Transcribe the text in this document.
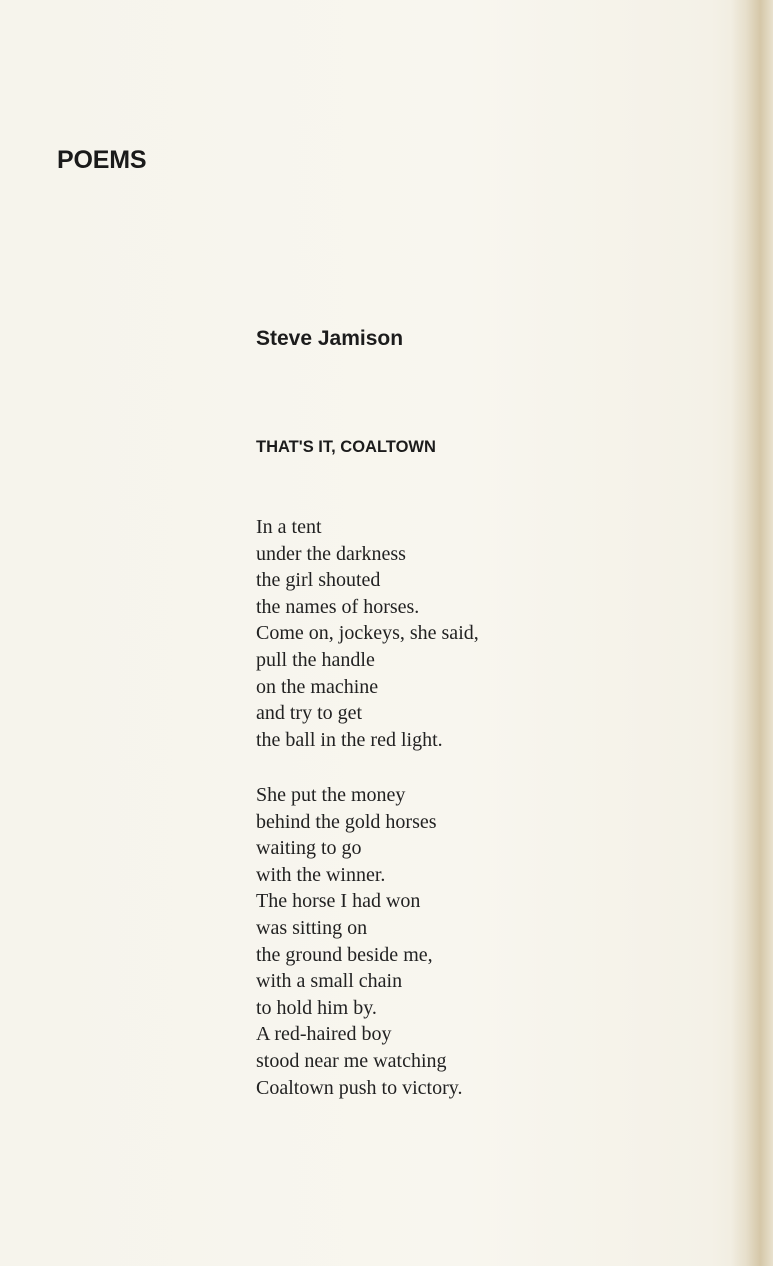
POEMS
Steve Jamison
THAT'S IT, COALTOWN
In a tent
under the darkness
the girl shouted
the names of horses.
Come on, jockeys, she said,
pull the handle
on the machine
and try to get
the ball in the red light.
She put the money
behind the gold horses
waiting to go
with the winner.
The horse I had won
was sitting on
the ground beside me,
with a small chain
to hold him by.
A red-haired boy
stood near me watching
Coaltown push to victory.
